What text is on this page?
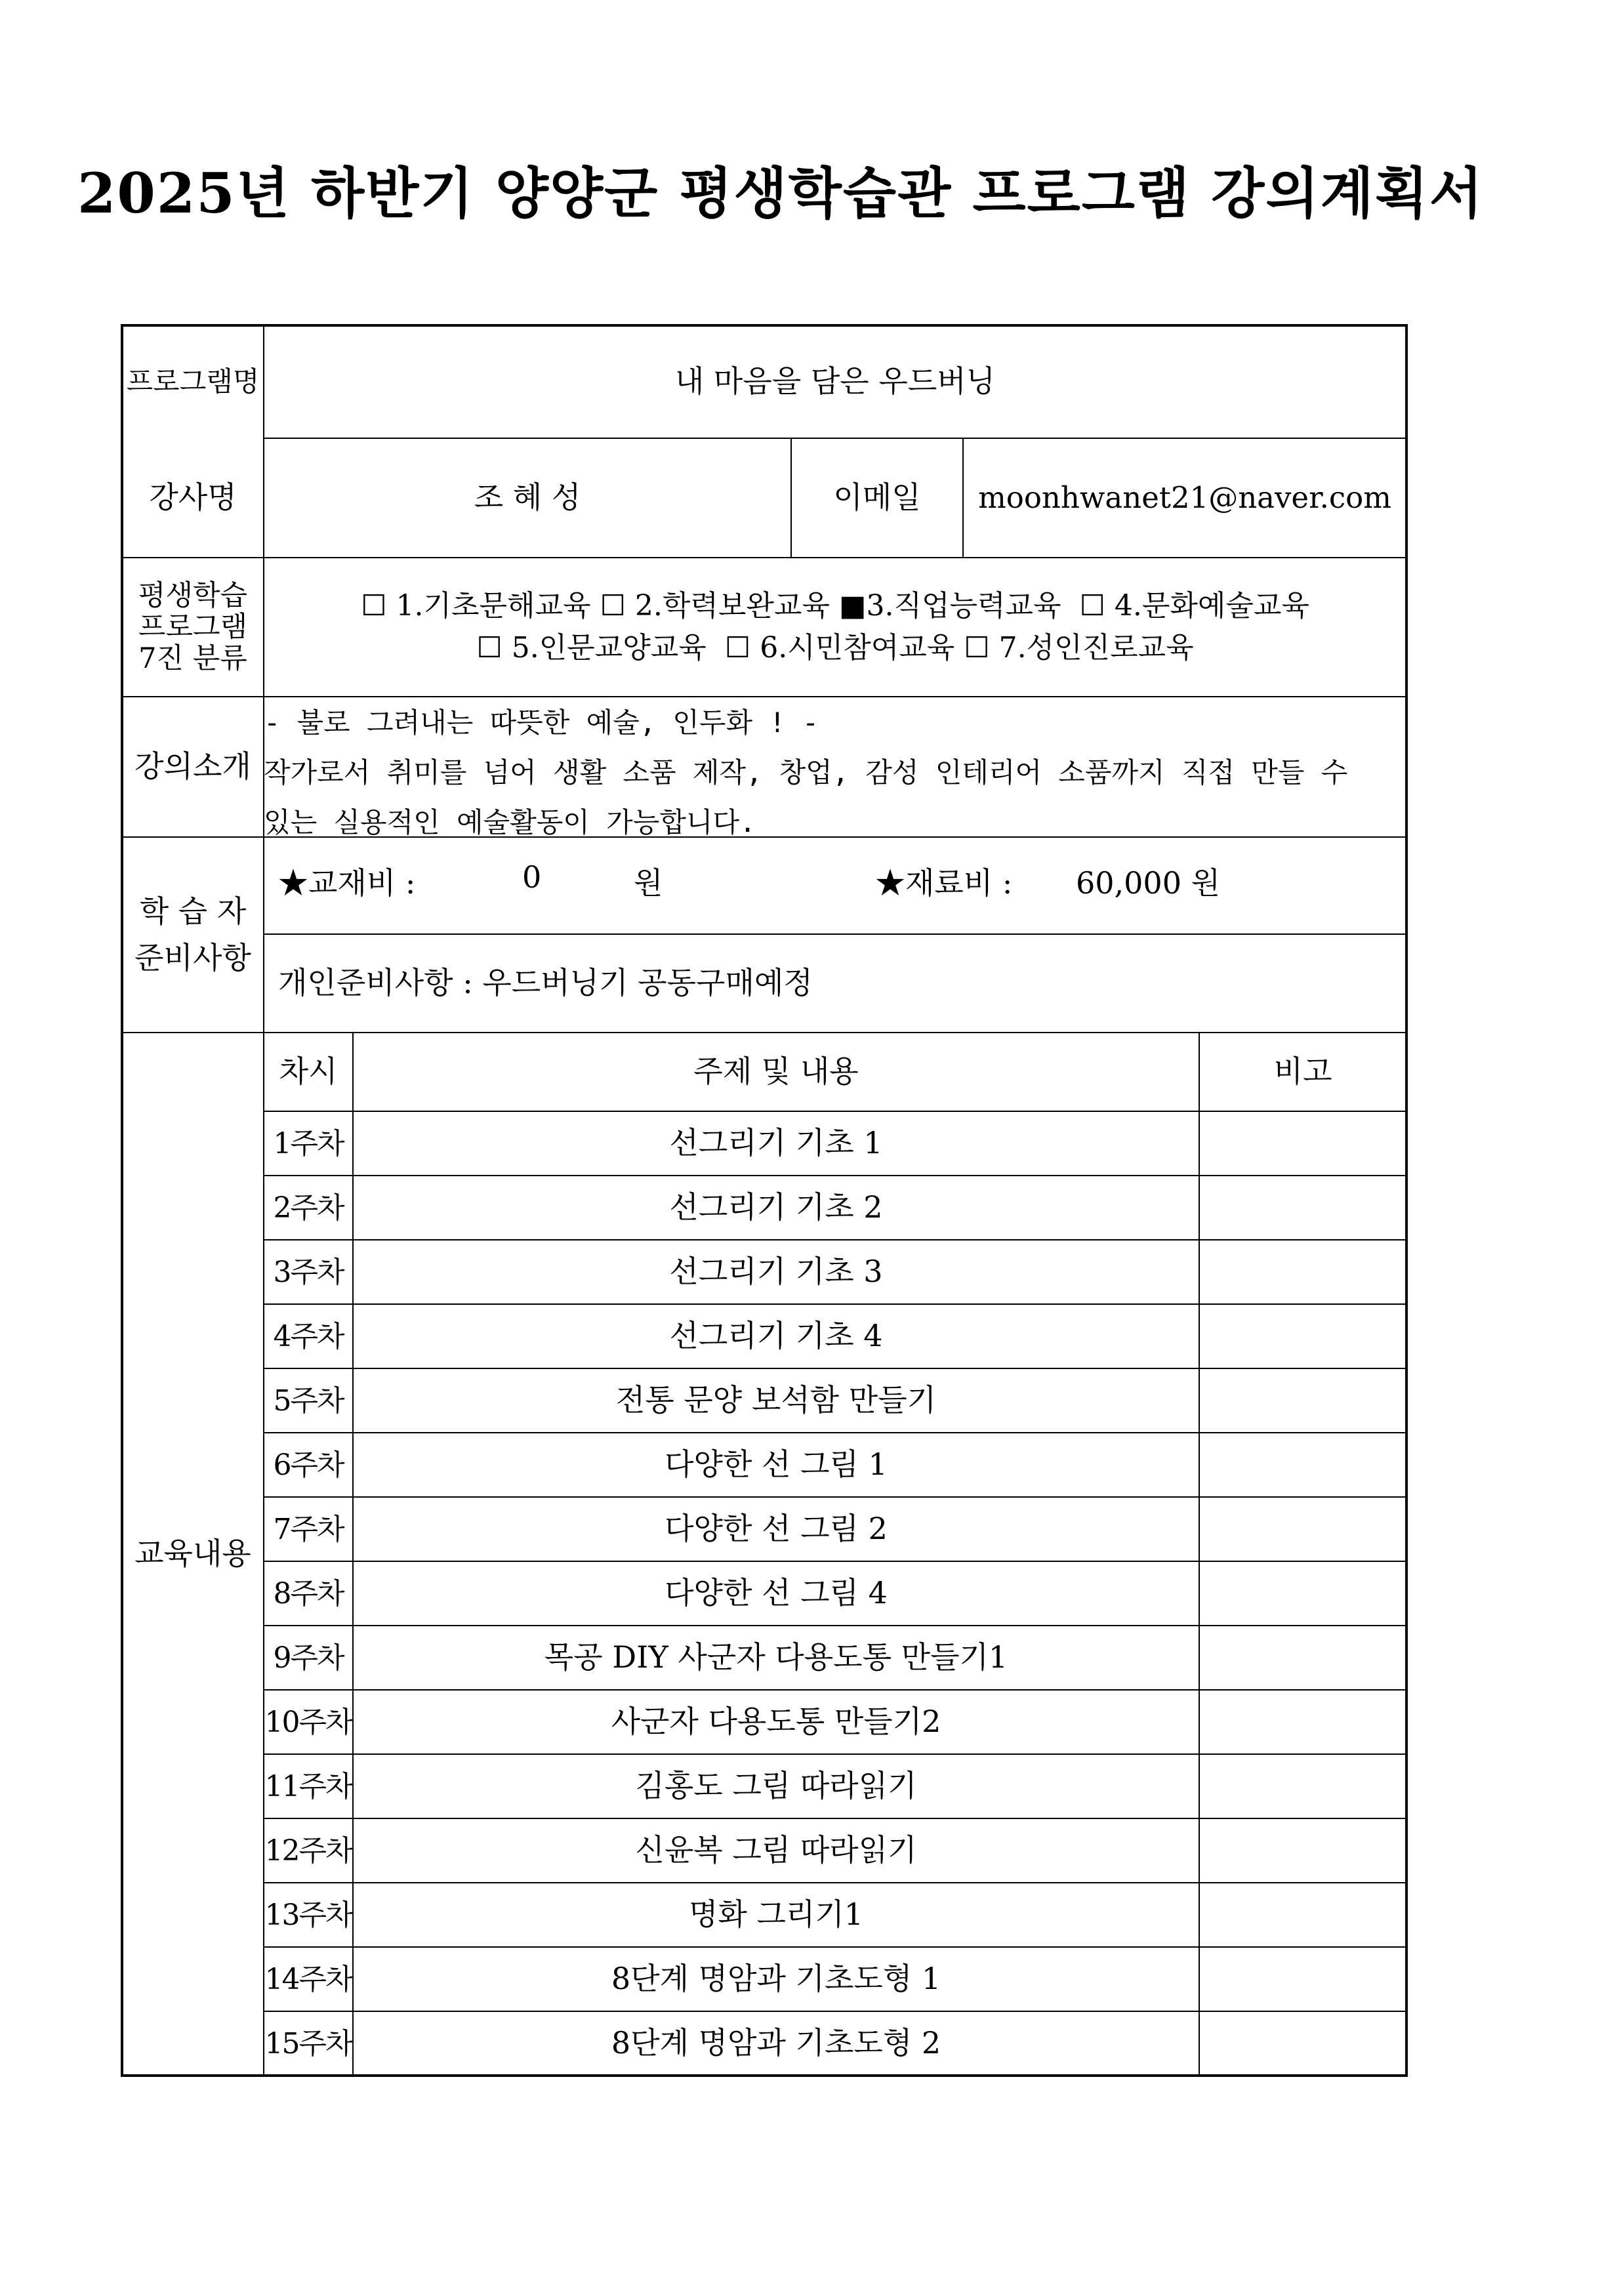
2025년 하반기 양양군 평생학습관 프로그램 강의계획서
프로그램명	내 마음을 담은 우드버닝
강사명	조 혜 성	이메일	moonhwanet21@naver.com
평생학습
프로그램
7진 분류
☐ 1.기초문해교육 ☐ 2.학력보완교육 ■3.직업능력교육  ☐ 4.문화예술교육
☐ 5.인문교양교육  ☐ 6.시민참여교육 ☐ 7.성인진로교육
강의소개
- 불로 그려내는 따뜻한 예술, 인두화 ! -
작가로서 취미를 넘어 생활 소품 제작, 창업, 감성 인테리어 소품까지 직접 만들 수
있는 실용적인 예술활동이 가능합니다.
학 습 자
준비사항
★교재비 :	0	원	★재료비 : 60,000 원
개인준비사항 : 우드버닝기 공동구매예정
교육내용
차시	주제 및 내용	비고
1주차	선그리기 기초 1
2주차	선그리기 기초 2
3주차	선그리기 기초 3
4주차	선그리기 기초 4
5주차	전통 문양 보석함 만들기
6주차	다양한 선 그림 1
7주차	다양한 선 그림 2
8주차	다양한 선 그림 4
9주차	목공 DIY 사군자 다용도통 만들기1
10주차	사군자 다용도통 만들기2
11주차	김홍도 그림 따라읽기
12주차	신윤복 그림 따라읽기
13주차	명화 그리기1
14주차	8단계 명암과 기초도형 1
15주차	8단계 명암과 기초도형 2
